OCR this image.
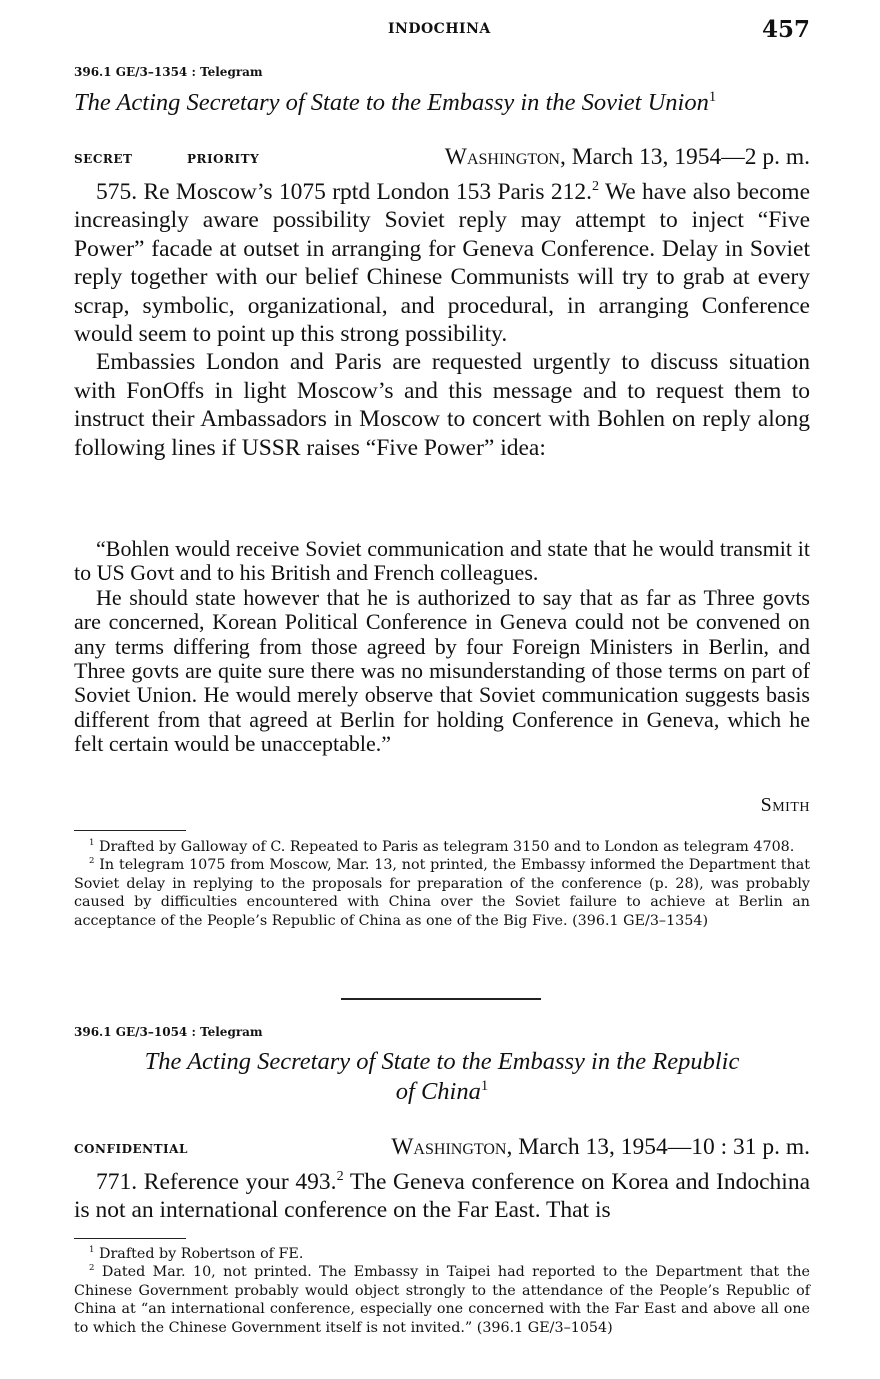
INDOCHINA	457
396.1 GE/3–1354 : Telegram
The Acting Secretary of State to the Embassy in the Soviet Union$^1$
SECRET	PRIORITY	Washington, March 13, 1954—2 p. m.

575. Re Moscow’s 1075 rptd London 153 Paris 212.$^2$ We have also become increasingly aware possibility Soviet reply may attempt to inject “Five Power” facade at outset in arranging for Geneva Conference. Delay in Soviet reply together with our belief Chinese Communists will try to grab at every scrap, symbolic, organizational, and procedural, in arranging Conference would seem to point up this strong possibility.

Embassies London and Paris are requested urgently to discuss situation with FonOffs in light Moscow’s and this message and to request them to instruct their Ambassadors in Moscow to concert with Bohlen on reply along following lines if USSR raises “Five Power” idea:

“Bohlen would receive Soviet communication and state that he would transmit it to US Govt and to his British and French colleagues.

He should state however that he is authorized to say that as far as Three govts are concerned, Korean Political Conference in Geneva could not be convened on any terms differing from those agreed by four Foreign Ministers in Berlin, and Three govts are quite sure there was no misunderstanding of those terms on part of Soviet Union. He would merely observe that Soviet communication suggests basis different from that agreed at Berlin for holding Conference in Geneva, which he felt certain would be unacceptable.”

Smith

$^1$ Drafted by Galloway of C. Repeated to Paris as telegram 3150 and to London as telegram 4708.

$^2$ In telegram 1075 from Moscow, Mar. 13, not printed, the Embassy informed the Department that Soviet delay in replying to the proposals for preparation of the conference (p. 28), was probably caused by difficulties encountered with China over the Soviet failure to achieve at Berlin an acceptance of the People’s Republic of China as one of the Big Five. (396.1 GE/3–1354)

396.1 GE/3–1054 : Telegram
The Acting Secretary of State to the Embassy in the Republic
of China$^1$
CONFIDENTIAL	Washington, March 13, 1954—10 : 31 p. m.

771. Reference your 493.$^2$ The Geneva conference on Korea and Indochina is not an international conference on the Far East. That is

$^1$ Drafted by Robertson of FE.

$^2$ Dated Mar. 10, not printed. The Embassy in Taipei had reported to the Department that the Chinese Government probably would object strongly to the attendance of the People’s Republic of China at “an international conference, especially one concerned with the Far East and above all one to which the Chinese Government itself is not invited.” (396.1 GE/3–1054)
